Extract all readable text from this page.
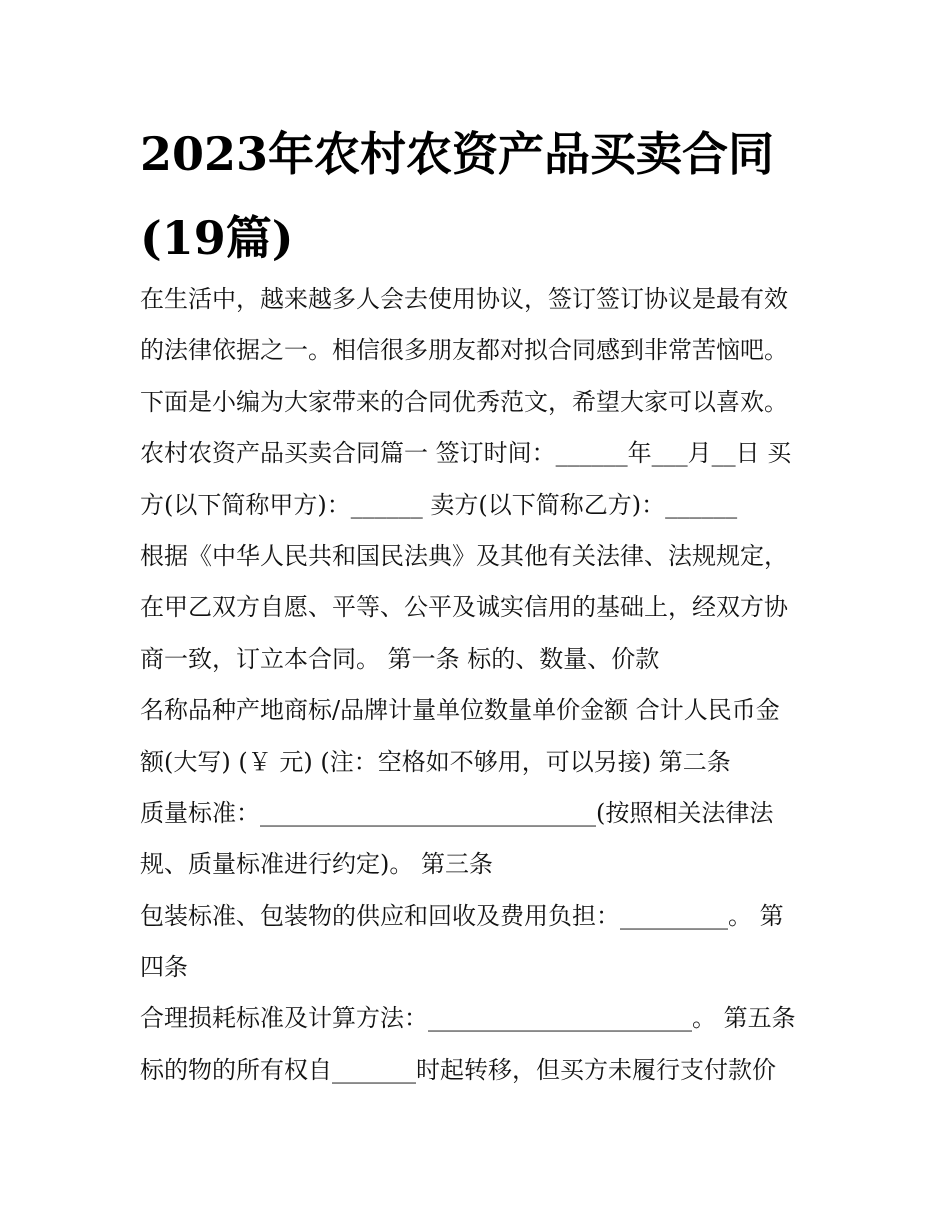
2023年农村农资产品买卖合同
(19篇)
在生活中，越来越多人会去使用协议，签订签订协议是最有效
的法律依据之一。相信很多朋友都对拟合同感到非常苦恼吧。
下面是小编为大家带来的合同优秀范文，希望大家可以喜欢。
农村农资产品买卖合同篇一 签订时间：______年___月__日 买
方(以下简称甲方)：______ 卖方(以下简称乙方)：______
根据《中华人民共和国民法典》及其他有关法律、法规规定，
在甲乙双方自愿、平等、公平及诚实信用的基础上，经双方协
商一致，订立本合同。 第一条 标的、数量、价款
名称品种产地商标/品牌计量单位数量单价金额 合计人民币金
额(大写) (￥ 元) (注：空格如不够用，可以另接) 第二条
质量标准：____________________________(按照相关法律法
规、质量标准进行约定)。 第三条
包装标准、包装物的供应和回收及费用负担：_________。 第
四条
合理损耗标准及计算方法：______________________。 第五条
标的物的所有权自_______时起转移，但买方未履行支付款价
